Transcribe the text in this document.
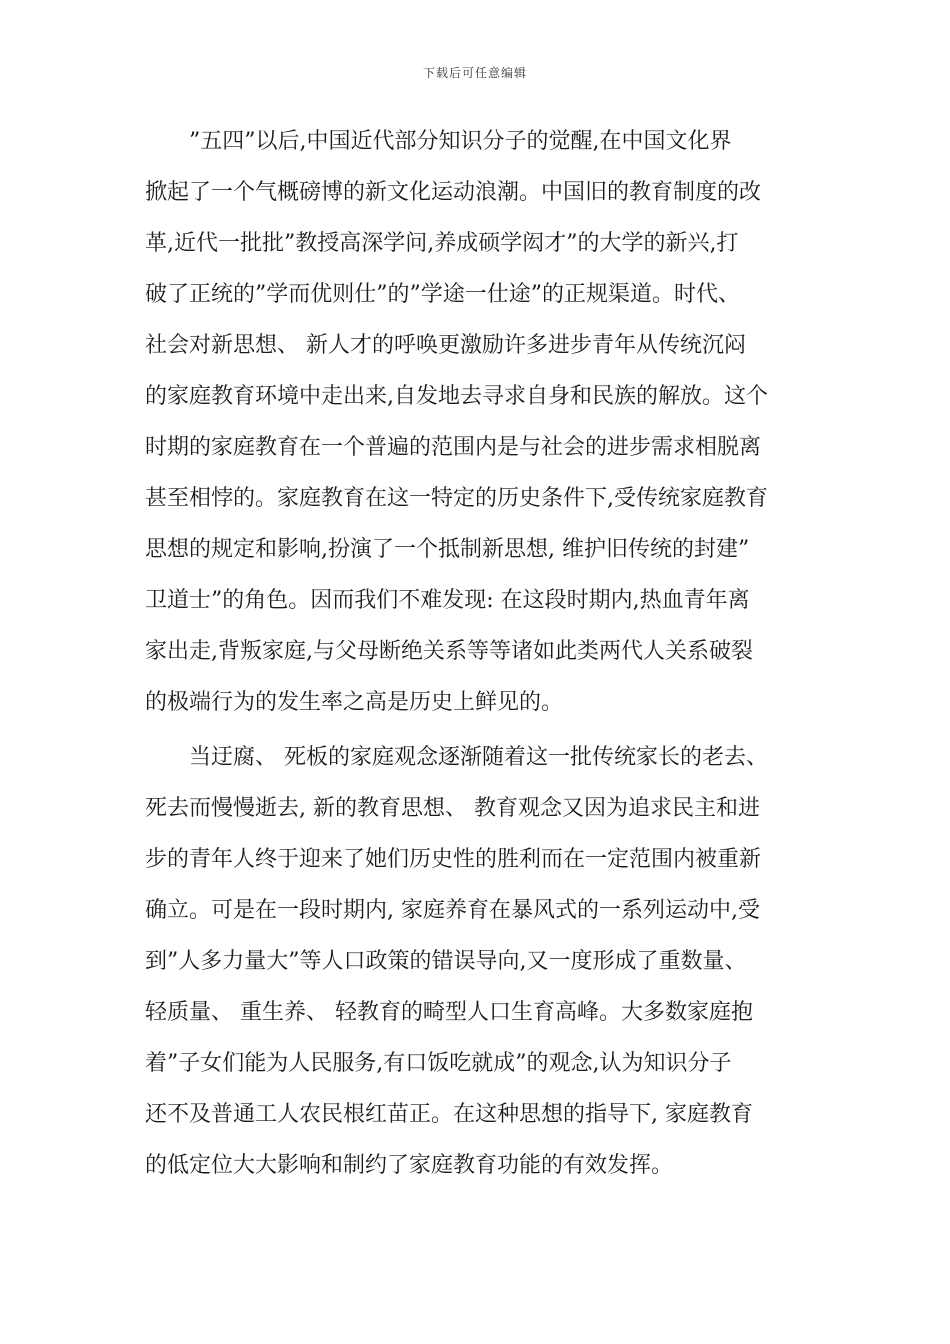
下载后可任意编辑
　　”五四”以后,中国近代部分知识分子的觉醒,在中国文化界
掀起了一个气概磅博的新文化运动浪潮。中国旧的教育制度的改
革,近代一批批”教授高深学问,养成硕学闳才”的大学的新兴,打
破了正统的”学而优则仕”的”学途一仕途”的正规渠道。时代、
社会对新思想、 新人才的呼唤更激励许多进步青年从传统沉闷
的家庭教育环境中走出来,自发地去寻求自身和民族的解放。这个
时期的家庭教育在一个普遍的范围内是与社会的进步需求相脱离
甚至相悖的。家庭教育在这一特定的历史条件下,受传统家庭教育
思想的规定和影响,扮演了一个抵制新思想, 维护旧传统的封建”
卫道士”的角色。因而我们不难发现: 在这段时期内,热血青年离
家出走,背叛家庭,与父母断绝关系等等诸如此类两代人关系破裂
的极端行为的发生率之高是历史上鲜见的。
　　当迂腐、 死板的家庭观念逐渐随着这一批传统家长的老去、
死去而慢慢逝去, 新的教育思想、 教育观念又因为追求民主和进
步的青年人终于迎来了她们历史性的胜利而在一定范围内被重新
确立。可是在一段时期内, 家庭养育在暴风式的一系列运动中,受
到”人多力量大”等人口政策的错误导向,又一度形成了重数量、
轻质量、 重生养、 轻教育的畸型人口生育高峰。大多数家庭抱
着”子女们能为人民服务,有口饭吃就成”的观念,认为知识分子
还不及普通工人农民根红苗正。在这种思想的指导下, 家庭教育
的低定位大大影响和制约了家庭教育功能的有效发挥。
